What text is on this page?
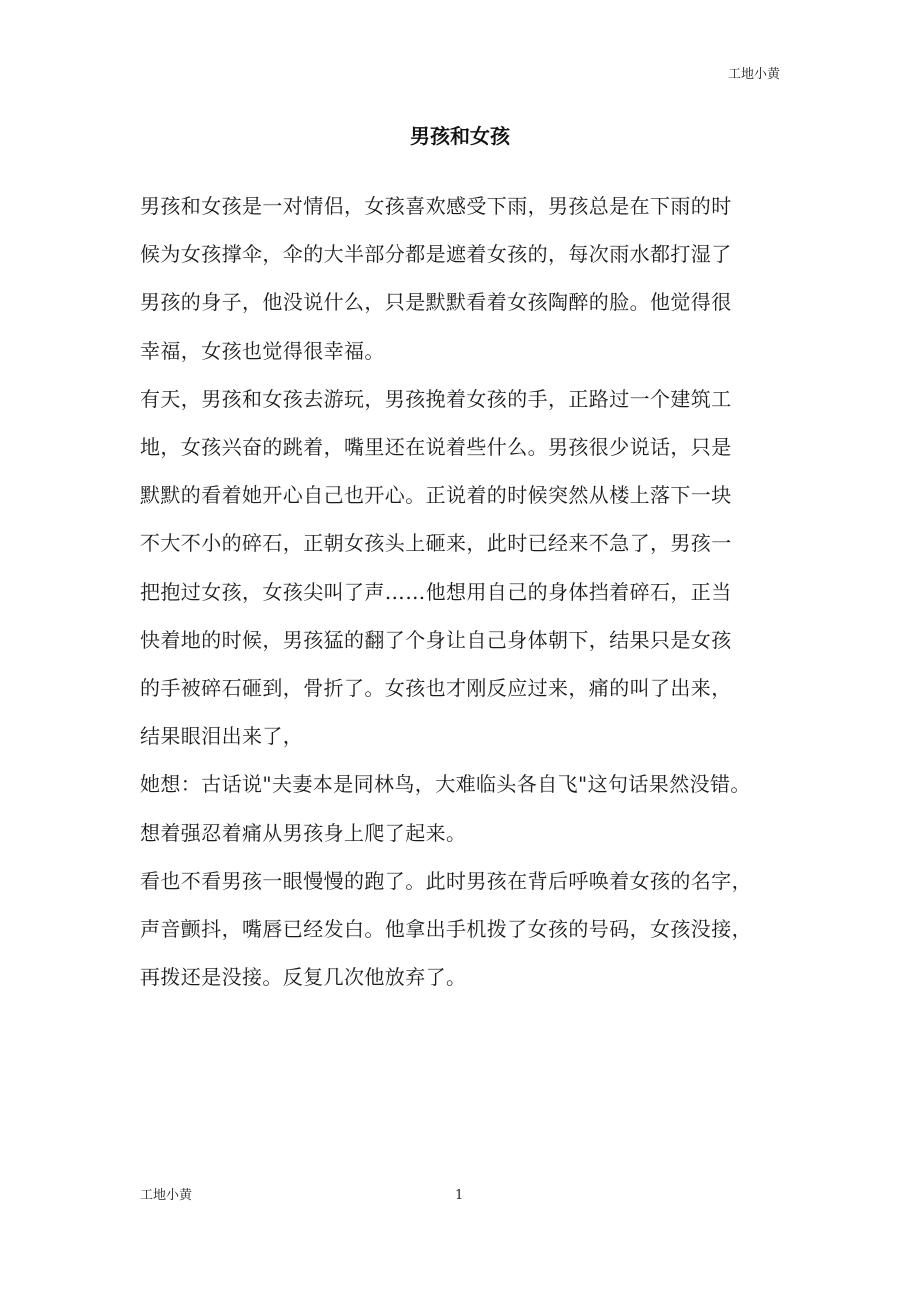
工地小黄
男孩和女孩

男孩和女孩是一对情侣，女孩喜欢感受下雨，男孩总是在下雨的时
候为女孩撑伞，伞的大半部分都是遮着女孩的，每次雨水都打湿了
男孩的身子，他没说什么，只是默默看着女孩陶醉的脸。他觉得很
幸福，女孩也觉得很幸福。

有天，男孩和女孩去游玩，男孩挽着女孩的手，正路过一个建筑工
地，女孩兴奋的跳着，嘴里还在说着些什么。男孩很少说话，只是
默默的看着她开心自己也开心。正说着的时候突然从楼上落下一块
不大不小的碎石，正朝女孩头上砸来，此时已经来不急了，男孩一
把抱过女孩，女孩尖叫了声……他想用自己的身体挡着碎石，正当
快着地的时候，男孩猛的翻了个身让自己身体朝下，结果只是女孩
的手被碎石砸到，骨折了。女孩也才刚反应过来，痛的叫了出来，
结果眼泪出来了，

她想：古话说"夫妻本是同林鸟，大难临头各自飞"这句话果然没错。
想着强忍着痛从男孩身上爬了起来。

看也不看男孩一眼慢慢的跑了。此时男孩在背后呼唤着女孩的名字，
声音颤抖，嘴唇已经发白。他拿出手机拨了女孩的号码，女孩没接，
再拨还是没接。反复几次他放弃了。

工地小黄	1
